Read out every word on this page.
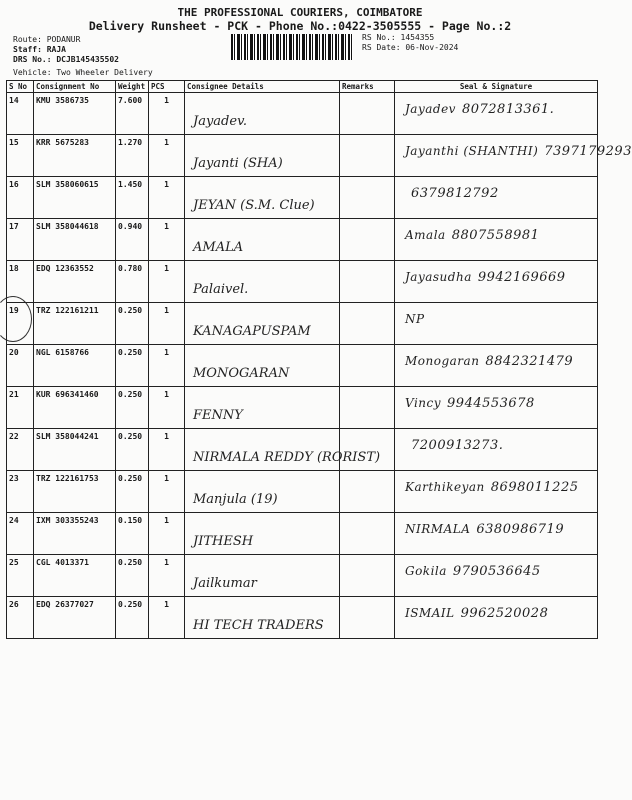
THE PROFESSIONAL COURIERS, COIMBATORE
Delivery Runsheet - PCK - Phone No.:0422-3505555 - Page No.:2
Route: PODANUR
Staff: RAJA
DRS No.: DCJB145435502
RS No.: 1454355
RS Date: 06-Nov-2024
Vehicle: Two Wheeler Delivery
S No	Consignment No	Weight	PCS	Consignee Details	Remarks	Seal & Signature
14	KMU 3586735	7.600	1	Jayadev.		Jayadev 8072813361.

15	KRR 5675283	1.270	1	Jayanti (SHA)		Jayanthi (SHANTHI) 7397179293

16	SLM 358060615	1.450	1	JEYAN (S.M. Clue)		6379812792

17	SLM 358044618	0.940	1	AMALA		Amala 8807558981

18	EDQ 12363552	0.780	1	Palaivel.		Jayasudha 9942169669

19	TRZ 122161211	0.250	1	KANAGAPUSPAM		NP

20	NGL 6158766	0.250	1	MONOGARAN		Monogaran 8842321479

21	KUR 696341460	0.250	1	FENNY		Vincy 9944553678

22	SLM 358044241	0.250	1	NIRMALA REDDY (RORIST)		7200913273.

23	TRZ 122161753	0.250	1	Manjula (19)		Karthikeyan 8698011225

24	IXM 303355243	0.150	1	JITHESH		NIRMALA 6380986719

25	CGL 4013371	0.250	1	Jailkumar		Gokila 9790536645

26	EDQ 26377027	0.250	1	HI TECH TRADERS		ISMAIL 9962520028
